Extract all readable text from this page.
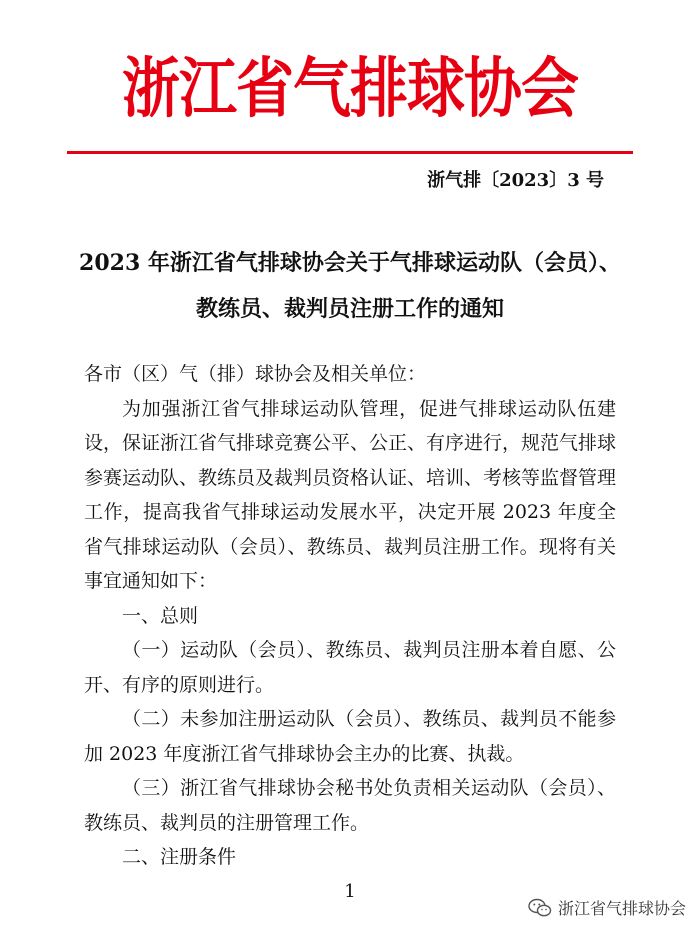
浙江省气排球协会
浙气排〔2023〕3 号
2023 年浙江省气排球协会关于气排球运动队（会员）、
教练员、裁判员注册工作的通知

各市（区）气（排）球协会及相关单位：

为加强浙江省气排球运动队管理，促进气排球运动队伍建设，保证浙江省气排球竞赛公平、公正、有序进行，规范气排球参赛运动队、教练员及裁判员资格认证、培训、考核等监督管理工作，提高我省气排球运动发展水平，决定开展 2023 年度全省气排球运动队（会员）、教练员、裁判员注册工作。现将有关事宜通知如下：

一、总则

（一）运动队（会员）、教练员、裁判员注册本着自愿、公开、有序的原则进行。

（二）未参加注册运动队（会员）、教练员、裁判员不能参加 2023 年度浙江省气排球协会主办的比赛、执裁。

（三）浙江省气排球协会秘书处负责相关运动队（会员）、教练员、裁判员的注册管理工作。

二、注册条件

1
浙江省气排球协会
